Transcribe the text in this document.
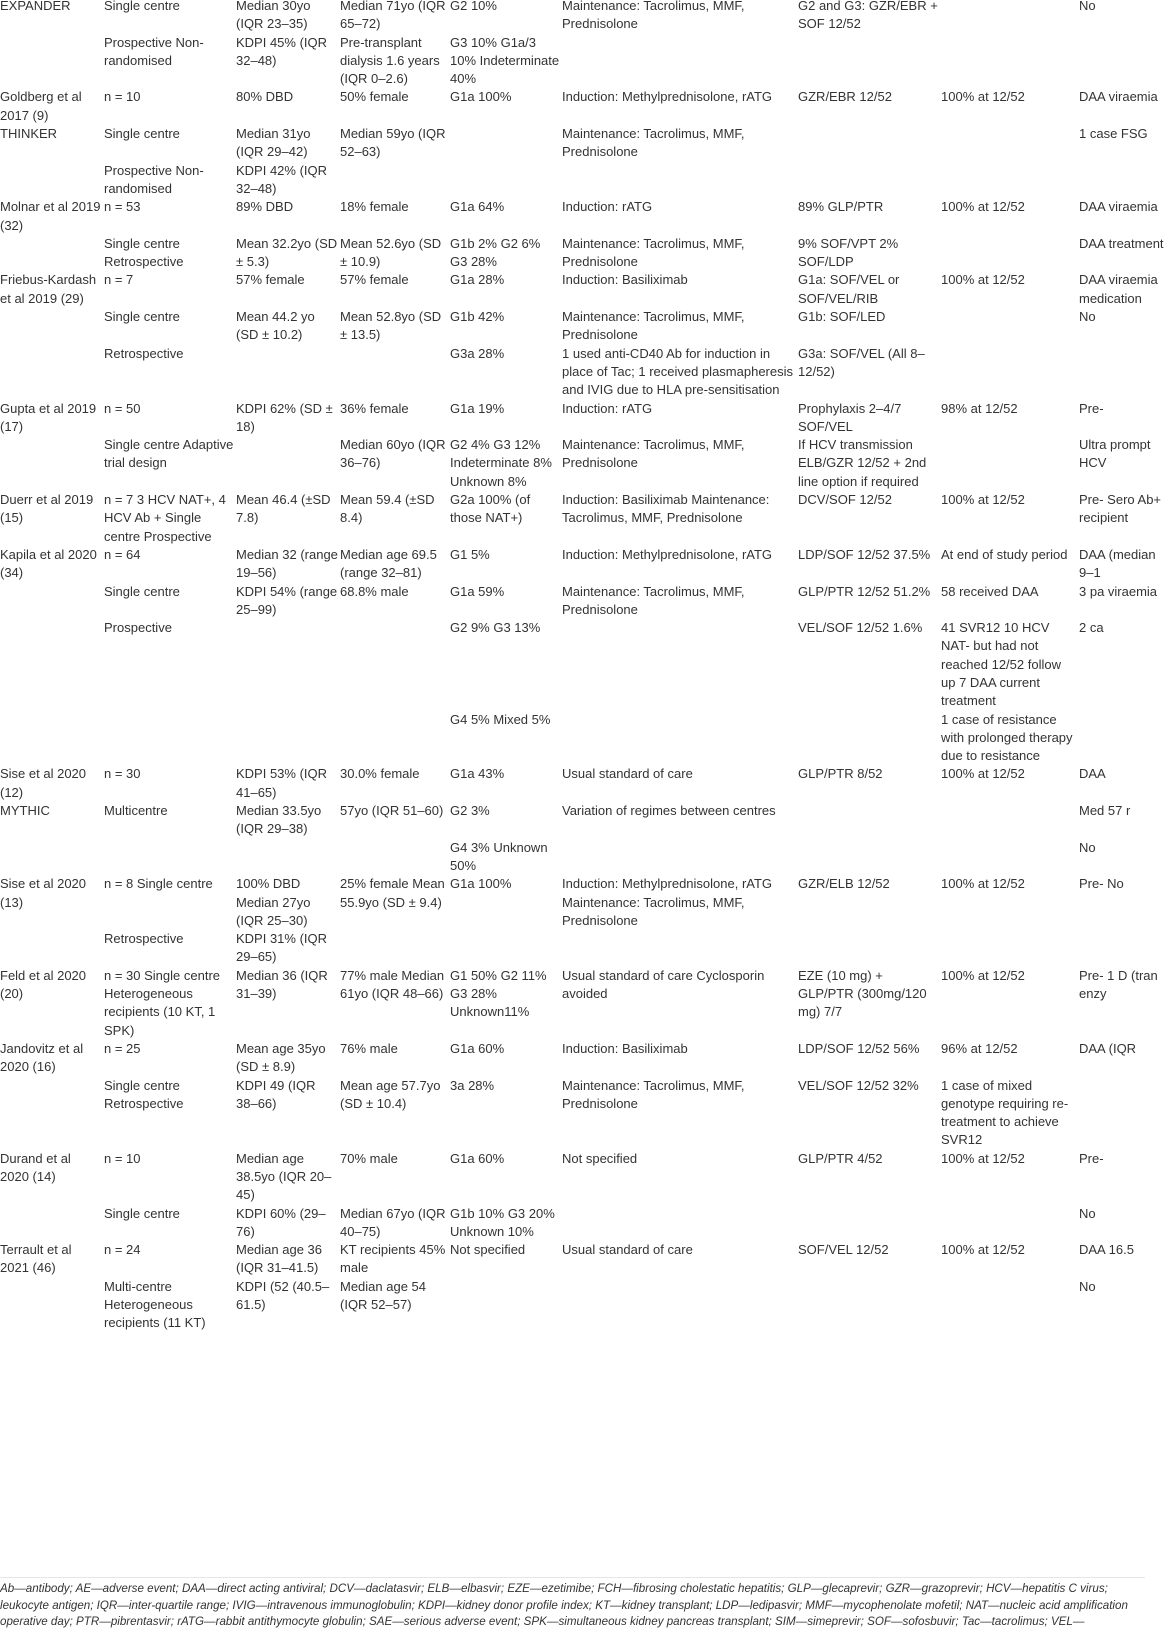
EXPANDER	Single centre	Median 30yo (IQR 23–35)	Median 71yo (IQR 65–72)	G2 10%	Maintenance: Tacrolimus, MMF, Prednisolone	G2 and G3: GZR/EBR + SOF 12/52		No
	Prospective Non-randomised	KDPI 45% (IQR 32–48)	Pre-transplant dialysis 1.6 years (IQR 0–2.6)	G3 10% G1a/3 10% Indeterminate 40%				
Goldberg et al 2017 (9)	n = 10	80% DBD	50% female	G1a 100%	Induction: Methylprednisolone, rATG	GZR/EBR 12/52	100% at 12/52	DAA viraemia
THINKER	Single centre	Median 31yo (IQR 29–42)	Median 59yo (IQR 52–63)		Maintenance: Tacrolimus, MMF, Prednisolone			1 case FSG
	Prospective Non-randomised	KDPI 42% (IQR 32–48)						
Molnar et al 2019 (32)	n = 53	89% DBD	18% female	G1a 64%	Induction: rATG	89% GLP/PTR	100% at 12/52	DAA viraemia
	Single centre Retrospective	Mean 32.2yo (SD ± 5.3)	Mean 52.6yo (SD ± 10.9)	G1b 2% G2 6% G3 28%	Maintenance: Tacrolimus, MMF, Prednisolone	9% SOF/VPT 2% SOF/LDP		DAA treatment
Friebus-Kardash et al 2019 (29)	n = 7	57% female	57% female	G1a 28%	Induction: Basiliximab	G1a: SOF/VEL or SOF/VEL/RIB	100% at 12/52	DAA viraemia medication
	Single centre	Mean 44.2 yo (SD ± 10.2)	Mean 52.8yo (SD ± 13.5)	G1b 42%	Maintenance: Tacrolimus, MMF, Prednisolone	G1b: SOF/LED		No
	Retrospective			G3a 28%	1 used anti-CD40 Ab for induction in place of Tac; 1 received plasmapheresis and IVIG due to HLA pre-sensitisation	G3a: SOF/VEL (All 8–12/52)		
Gupta et al 2019 (17)	n = 50	KDPI 62% (SD ± 18)	36% female	G1a 19%	Induction: rATG	Prophylaxis 2–4/7 SOF/VEL	98% at 12/52	Pre-
	Single centre Adaptive trial design		Median 60yo (IQR 36–76)	G2 4% G3 12% Indeterminate 8% Unknown 8%	Maintenance: Tacrolimus, MMF, Prednisolone	If HCV transmission ELB/GZR 12/52 + 2nd line option if required		Ultra prompt HCV
Duerr et al 2019 (15)	n = 7 3 HCV NAT+, 4 HCV Ab + Single centre Prospective	Mean 46.4 (±SD 7.8)	Mean 59.4 (±SD 8.4)	G2a 100% (of those NAT+)	Induction: Basiliximab Maintenance: Tacrolimus, MMF, Prednisolone	DCV/SOF 12/52	100% at 12/52	Pre- Sero Ab+ recipient
Kapila et al 2020 (34)	n = 64	Median 32 (range 19–56)	Median age 69.5 (range 32–81)	G1 5%	Induction: Methylprednisolone, rATG	LDP/SOF 12/52 37.5%	At end of study period	DAA (median 9–1
	Single centre	KDPI 54% (range 25–99)	68.8% male	G1a 59%	Maintenance: Tacrolimus, MMF, Prednisolone	GLP/PTR 12/52 51.2%	58 received DAA	3 pa viraemia
	Prospective			G2 9% G3 13%		VEL/SOF 12/52 1.6%	41 SVR12 10 HCV NAT- but had not reached 12/52 follow up 7 DAA current treatment	2 ca
				G4 5% Mixed 5%			1 case of resistance with prolonged therapy due to resistance	
Sise et al 2020 (12)	n = 30	KDPI 53% (IQR 41–65)	30.0% female	G1a 43%	Usual standard of care	GLP/PTR 8/52	100% at 12/52	DAA
MYTHIC	Multicentre	Median 33.5yo (IQR 29–38)	57yo (IQR 51–60)	G2 3%	Variation of regimes between centres			Med 57 r
				G4 3% Unknown 50%				No
Sise et al 2020 (13)	n = 8 Single centre	100% DBD Median 27yo (IQR 25–30)	25% female Mean 55.9yo (SD ± 9.4)	G1a 100%	Induction: Methylprednisolone, rATG Maintenance: Tacrolimus, MMF, Prednisolone	GZR/ELB 12/52	100% at 12/52	Pre- No
	Retrospective	KDPI 31% (IQR 29–65)						
Feld et al 2020 (20)	n = 30 Single centre Heterogeneous recipients (10 KT, 1 SPK)	Median 36 (IQR 31–39)	77% male Median 61yo (IQR 48–66)	G1 50% G2 11% G3 28% Unknown11%	Usual standard of care Cyclosporin avoided	EZE (10 mg) + GLP/PTR (300mg/120 mg) 7/7	100% at 12/52	Pre- 1 D (tran enzy
Jandovitz et al 2020 (16)	n = 25	Mean age 35yo (SD ± 8.9)	76% male	G1a 60%	Induction: Basiliximab	LDP/SOF 12/52 56%	96% at 12/52	DAA (IQR
	Single centre Retrospective	KDPI 49 (IQR 38–66)	Mean age 57.7yo (SD ± 10.4)	3a 28%	Maintenance: Tacrolimus, MMF, Prednisolone	VEL/SOF 12/52 32%	1 case of mixed genotype requiring re-treatment to achieve SVR12	
Durand et al 2020 (14)	n = 10	Median age 38.5yo (IQR 20–45)	70% male	G1a 60%	Not specified	GLP/PTR 4/52	100% at 12/52	Pre-
	Single centre	KDPI 60% (29–76)	Median 67yo (IQR 40–75)	G1b 10% G3 20% Unknown 10%				No
Terrault et al 2021 (46)	n = 24	Median age 36 (IQR 31–41.5)	KT recipients 45% male	Not specified	Usual standard of care	SOF/VEL 12/52	100% at 12/52	DAA 16.5
	Multi-centre Heterogeneous recipients (11 KT)	KDPI (52 (40.5–61.5)	Median age 54 (IQR 52–57)					No
Ab—antibody; AE—adverse event; DAA—direct acting antiviral; DCV—daclatasvir; ELB—elbasvir; EZE—ezetimibe; FCH—fibrosing cholestatic hepatitis; GLP—glecaprevir; GZR—grazoprevir; HCV—hepatitis C virus;
leukocyte antigen; IQR—inter-quartile range; IVIG—intravenous immunoglobulin; KDPI—kidney donor profile index; KT—kidney transplant; LDP—ledipasvir; MMF—mycophenolate mofetil; NAT—nucleic acid amplification
operative day; PTR—pibrentasvir; rATG—rabbit antithymocyte globulin; SAE—serious adverse event; SPK—simultaneous kidney pancreas transplant; SIM—simeprevir; SOF—sofosbuvir; Tac—tacrolimus; VEL—
